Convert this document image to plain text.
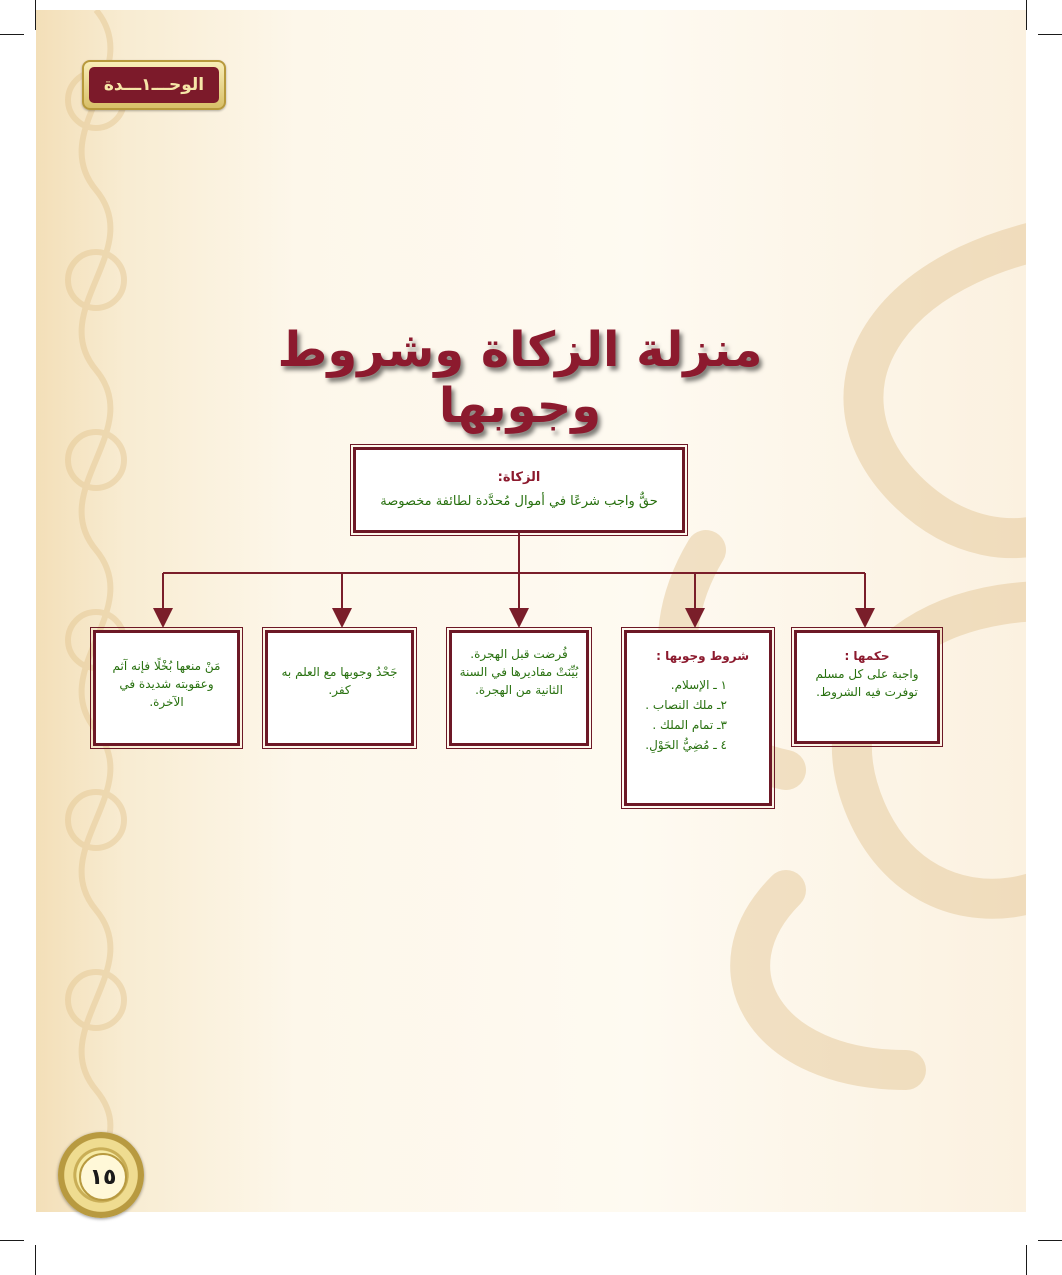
الوحـــ١ـــدة
منزلة الزكاة وشروط وجوبها
الزكاة:
حقٌّ واجب شرعًا في أموال مُحدَّدة لطائفة مخصوصة
حكمها :
واجبة على كل مسلم توفرت فيه الشروط.
شروط وجوبها :
١ ـ الإسلام.
٢ـ ملك النصاب .
٣ـ تمام الملك .
٤ ـ مُضِيُّ الحَوْلِ.
فُرضت قبل الهجرة. بُيِّنَتْ مقاديرها في السنة الثانية من الهجرة.
جَحْدُ وجوبها مع العلم به كفر.
مَنْ منعها بُخْلًا فإنه آثم وعقوبته شديدة في الآخرة.
١٥
